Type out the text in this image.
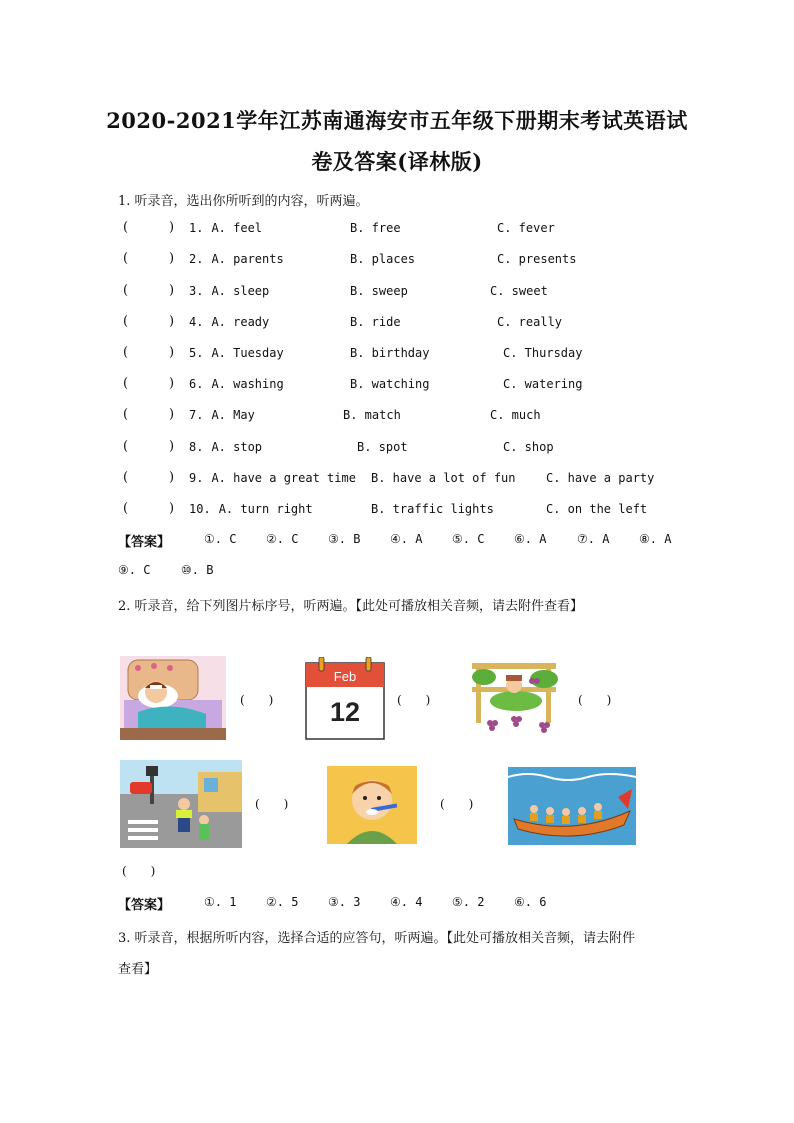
2020-2021学年江苏南通海安市五年级下册期末考试英语试
卷及答案(译林版)
1. 听录音，选出你所听到的内容，听两遍。
(	) 1. A. feel	B. free	C. fever
(	) 2. A. parents	B. places	C. presents
(	) 3. A. sleep	B. sweep	C. sweet
(	) 4. A. ready	B. ride	C. really
(	) 5. A. Tuesday	B. birthday	C. Thursday
(	) 6. A. washing	B. watching	C. watering
(	) 7. A. May	B. match	C. much
(	) 8. A. stop	B. spot	C. shop
(	) 9. A. have a great time B. have a lot of fun	C. have a party
(	) 10. A. turn right	B. traffic lights	C. on the left
【答案】	①. C ②. C ③. B ④. A ⑤. C ⑥. A	⑦. A ⑧. A
⑨. C	⑩. B
2. 听录音，给下列图片标序号，听两遍。【此处可播放相关音频，请去附件查看】
(　　)
Feb
12	(　　)	(　　)
(　　)	(　　)
(　　)
【答案】	①. 1 ②. 5 ③. 3 ④. 4 ⑤. 2 ⑥. 6
3. 听录音，根据所听内容，选择合适的应答句，听两遍。【此处可播放相关音频，请去附件
查看】
